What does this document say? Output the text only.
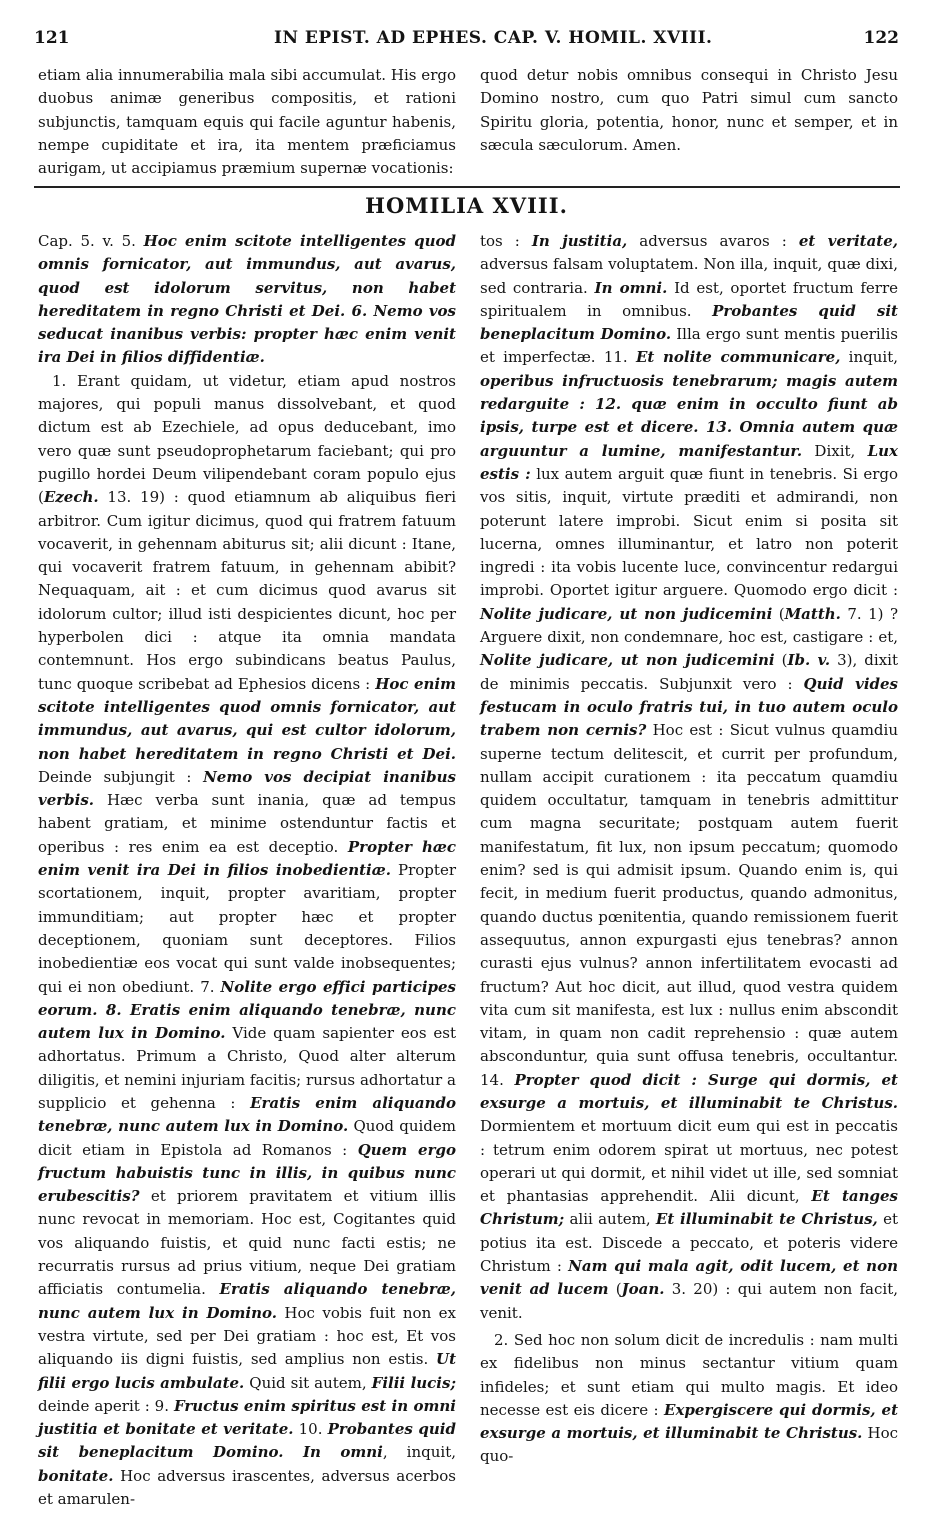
121	IN EPIST. AD EPHES. CAP. V. HOMIL. XVIII.	122

etiam alia innumerabilia mala sibi accumulat. His ergo duobus animæ generibus compositis, et rationi subjunctis, tamquam equis qui facile aguntur habenis, nempe cupiditate et ira, ita mentem præficiamus aurigam, ut accipiamus præmium supernæ vocationis:

quod detur nobis omnibus consequi in Christo Jesu Domino nostro, cum quo Patri simul cum sancto Spiritu gloria, potentia, honor, nunc et semper, et in sæcula sæculorum. Amen.

HOMILIA XVIII.

Cap. 5. v. 5. Hoc enim scitote intelligentes quod omnis fornicator, aut immundus, aut avarus, quod est idolorum servitus, non habet hereditatem in regno Christi et Dei. 6. Nemo vos seducat inanibus verbis: propter hæc enim venit ira Dei in filios diffidentiæ.

1. Erant quidam, ut videtur, etiam apud nostros majores, qui populi manus dissolvebant, et quod dictum est ab Ezechiele, ad opus deducebant, imo vero quæ sunt pseudoprophetarum faciebant; qui pro pugillo hordei Deum vilipendebant coram populo ejus (Ezech. 13. 19) : quod etiamnum ab aliquibus fieri arbitror. Cum igitur dicimus, quod qui fratrem fatuum vocaverit, in gehennam abiturus sit; alii dicunt : Itane, qui vocaverit fratrem fatuum, in gehennam abibit? Nequaquam, ait : et cum dicimus quod avarus sit idolorum cultor; illud isti despicientes dicunt, hoc per hyperbolen dici : atque ita omnia mandata contemnunt. Hos ergo subindicans beatus Paulus, tunc quoque scribebat ad Ephesios dicens : Hoc enim scitote intelligentes quod omnis fornicator, aut immundus, aut avarus, qui est cultor idolorum, non habet hereditatem in regno Christi et Dei. Deinde subjungit : Nemo vos decipiat inanibus verbis. Hæc verba sunt inania, quæ ad tempus habent gratiam, et minime ostenduntur factis et operibus : res enim ea est deceptio. Propter hæc enim venit ira Dei in filios inobedientiæ. Propter scortationem, inquit, propter avaritiam, propter immunditiam; aut propter hæc et propter deceptionem, quoniam sunt deceptores. Filios inobedientiæ eos vocat qui sunt valde inobsequentes; qui ei non obediunt. 7. Nolite ergo effici participes eorum. 8. Eratis enim aliquando tenebræ, nunc autem lux in Domino. Vide quam sapienter eos est adhortatus. Primum a Christo, Quod alter alterum diligitis, et nemini injuriam facitis; rursus adhortatur a supplicio et gehenna : Eratis enim aliquando tenebræ, nunc autem lux in Domino. Quod quidem dicit etiam in Epistola ad Romanos : Quem ergo fructum habuistis tunc in illis, in quibus nunc erubescitis? et priorem pravitatem et vitium illis nunc revocat in memoriam. Hoc est, Cogitantes quid vos aliquando fuistis, et quid nunc facti estis; ne recurratis rursus ad prius vitium, neque Dei gratiam afficiatis contumelia. Eratis aliquando tenebræ, nunc autem lux in Domino. Hoc vobis fuit non ex vestra virtute, sed per Dei gratiam : hoc est, Et vos aliquando iis digni fuistis, sed amplius non estis. Ut filii ergo lucis ambulate. Quid sit autem, Filii lucis; deinde aperit : 9. Fructus enim spiritus est in omni justitia et bonitate et veritate. 10. Probantes quid sit beneplacitum Domino. In omni, inquit, bonitate. Hoc adversus irascentes, adversus acerbos et amarulen-

tos : In justitia, adversus avaros : et veritate, adversus falsam voluptatem. Non illa, inquit, quæ dixi, sed contraria. In omni. Id est, oportet fructum ferre spiritualem in omnibus. Probantes quid sit beneplacitum Domino. Illa ergo sunt mentis puerilis et imperfectæ. 11. Et nolite communicare, inquit, operibus infructuosis tenebrarum; magis autem redarguite : 12. quæ enim in occulto fiunt ab ipsis, turpe est et dicere. 13. Omnia autem quæ arguuntur a lumine, manifestantur. Dixit, Lux estis : lux autem arguit quæ fiunt in tenebris. Si ergo vos sitis, inquit, virtute præditi et admirandi, non poterunt latere improbi. Sicut enim si posita sit lucerna, omnes illuminantur, et latro non poterit ingredi : ita vobis lucente luce, convincentur redargui improbi. Oportet igitur arguere. Quomodo ergo dicit : Nolite judicare, ut non judicemini (Matth. 7. 1) ? Arguere dixit, non condemnare, hoc est, castigare : et, Nolite judicare, ut non judicemini (Ib. v. 3), dixit de minimis peccatis. Subjunxit vero : Quid vides festucam in oculo fratris tui, in tuo autem oculo trabem non cernis? Hoc est : Sicut vulnus quamdiu superne tectum delitescit, et currit per profundum, nullam accipit curationem : ita peccatum quamdiu quidem occultatur, tamquam in tenebris admittitur cum magna securitate; postquam autem fuerit manifestatum, fit lux, non ipsum peccatum; quomodo enim? sed is qui admisit ipsum. Quando enim is, qui fecit, in medium fuerit productus, quando admonitus, quando ductus pœnitentia, quando remissionem fuerit assequutus, annon expurgasti ejus tenebras? annon curasti ejus vulnus? annon infertilitatem evocasti ad fructum? Aut hoc dicit, aut illud, quod vestra quidem vita cum sit manifesta, est lux : nullus enim abscondit vitam, in quam non cadit reprehensio : quæ autem absconduntur, quia sunt offusa tenebris, occultantur. 14. Propter quod dicit : Surge qui dormis, et exsurge a mortuis, et illuminabit te Christus. Dormientem et mortuum dicit eum qui est in peccatis : tetrum enim odorem spirat ut mortuus, nec potest operari ut qui dormit, et nihil videt ut ille, sed somniat et phantasias apprehendit. Alii dicunt, Et tanges Christum; alii autem, Et illuminabit te Christus, et potius ita est. Discede a peccato, et poteris videre Christum : Nam qui mala agit, odit lucem, et non venit ad lucem (Joan. 3. 20) : qui autem non facit, venit.

2. Sed hoc non solum dicit de incredulis : nam multi ex fidelibus non minus sectantur vitium quam infideles; et sunt etiam qui multo magis. Et ideo necesse est eis dicere : Expergiscere qui dormis, et exsurge a mortuis, et illuminabit te Christus. Hoc quo-
